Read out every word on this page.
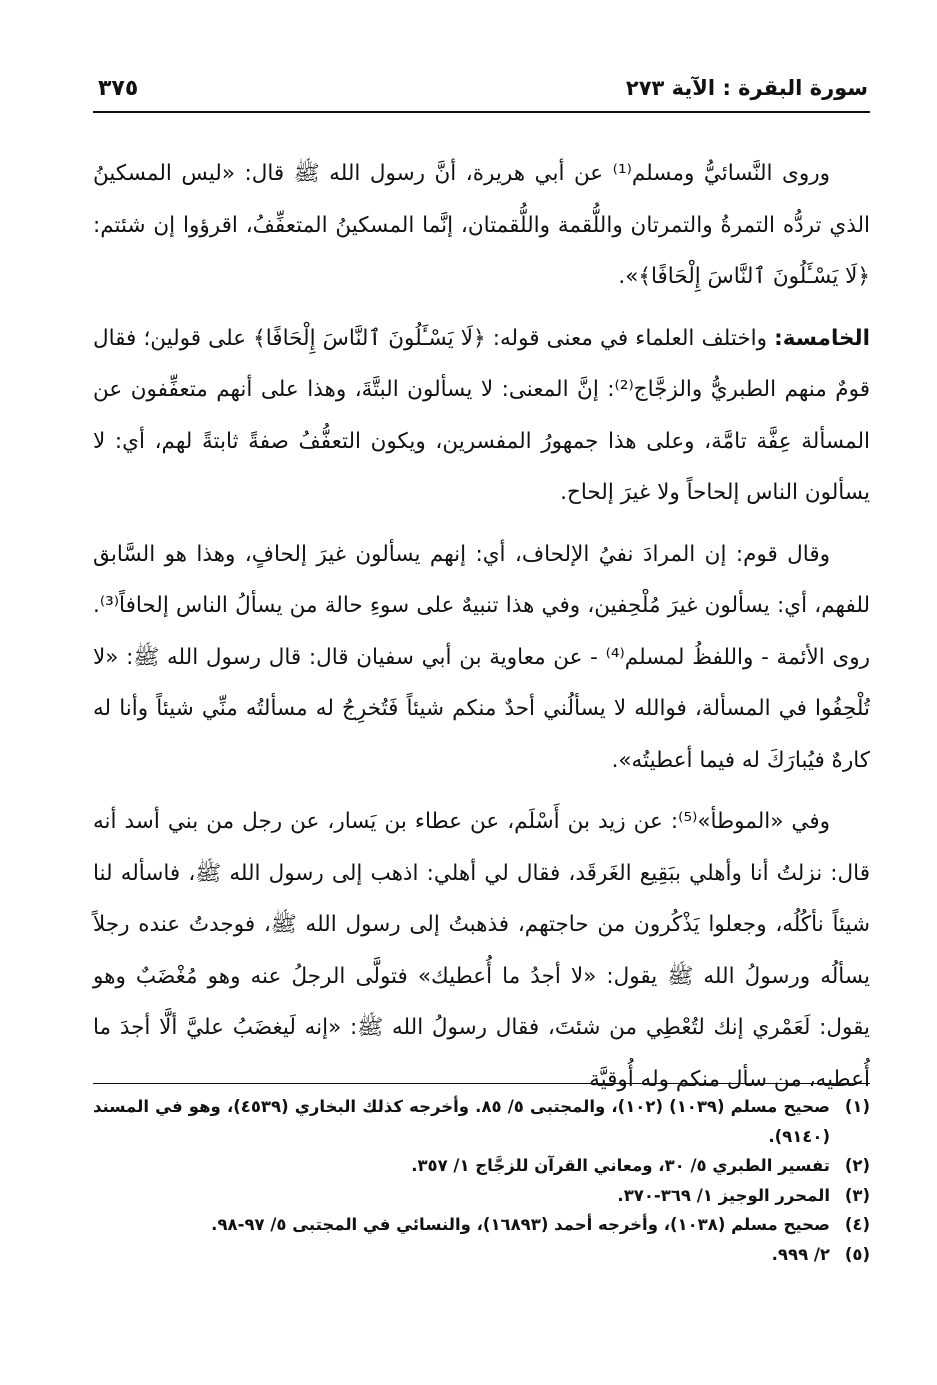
سورة البقرة : الآية ٢٧٣
٣٧٥

وروى النَّسائيُّ ومسلم⁽¹⁾ عن أبي هريرة، أنَّ رسول الله ﷺ قال: «ليس المسكينُ الذي تردُّه التمرةُ والتمرتان واللُّقمة واللُّقمتان، إنَّما المسكينُ المتعفِّفُ، اقرؤوا إن شئتم: ﴿لَا يَسْـَٔلُونَ ٱلنَّاسَ إِلْحَافًا﴾».

الخامسة: واختلف العلماء في معنى قوله: ﴿لَا يَسْـَٔلُونَ ٱلنَّاسَ إِلْحَافًا﴾ على قولين؛ فقال قومٌ منهم الطبريُّ والزجَّاج⁽²⁾: إنَّ المعنى: لا يسألون البتَّةَ، وهذا على أنهم متعفِّفون عن المسألة عِفَّة تامَّة، وعلى هذا جمهورُ المفسرين، ويكون التعفُّفُ صفةً ثابتةً لهم، أي: لا يسألون الناس إلحاحاً ولا غيرَ إلحاح.

وقال قوم: إن المرادَ نفيُ الإلحاف، أي: إنهم يسألون غيرَ إلحافٍ، وهذا هو السَّابق للفهم، أي: يسألون غيرَ مُلْحِفين، وفي هذا تنبيهٌ على سوءِ حالة من يسألُ الناس إلحافاً⁽³⁾. روى الأئمة - واللفظُ لمسلم⁽⁴⁾ - عن معاوية بن أبي سفيان قال: قال رسول الله ﷺ: «لا تُلْحِفُوا في المسألة، فوالله لا يسألُني أحدٌ منكم شيئاً فَتُخرِجُ له مسألتُه منِّي شيئاً وأنا له كارهٌ فيُبارَكَ له فيما أعطيتُه».

وفي «الموطأ»⁽⁵⁾: عن زيد بن أَسْلَم، عن عطاء بن يَسار، عن رجل من بني أسد أنه قال: نزلتُ أنا وأهلي ببَقِيع الغَرقَد، فقال لي أهلي: اذهب إلى رسول الله ﷺ، فاسأله لنا شيئاً نأكُلُه، وجعلوا يَذْكُرون من حاجتهم، فذهبتُ إلى رسول الله ﷺ، فوجدتُ عنده رجلاً يسألُه ورسولُ الله ﷺ يقول: «لا أجدُ ما أُعطيك» فتولَّى الرجلُ عنه وهو مُغْضَبٌ وهو يقول: لَعَمْري إنك لتُعْطِي من شئتَ، فقال رسولُ الله ﷺ: «إنه لَيغضَبُ عليَّ ألَّا أجدَ ما أُعطيه، من سأل منكم وله أُوقيَّة

(١)
صحيح مسلم (١٠٣٩) (١٠٢)، والمجتبى ٥/ ٨٥. وأخرجه كذلك البخاري (٤٥٣٩)، وهو في المسند (٩١٤٠).
(٢)
تفسير الطبري ٥/ ٣٠، ومعاني القرآن للزجَّاج ١/ ٣٥٧.
(٣)
المحرر الوجيز ١/ ٣٦٩-٣٧٠.
(٤)
صحيح مسلم (١٠٣٨)، وأخرجه أحمد (١٦٨٩٣)، والنسائي في المجتبى ٥/ ٩٧-٩٨.
(٥)
٢/ ٩٩٩.
